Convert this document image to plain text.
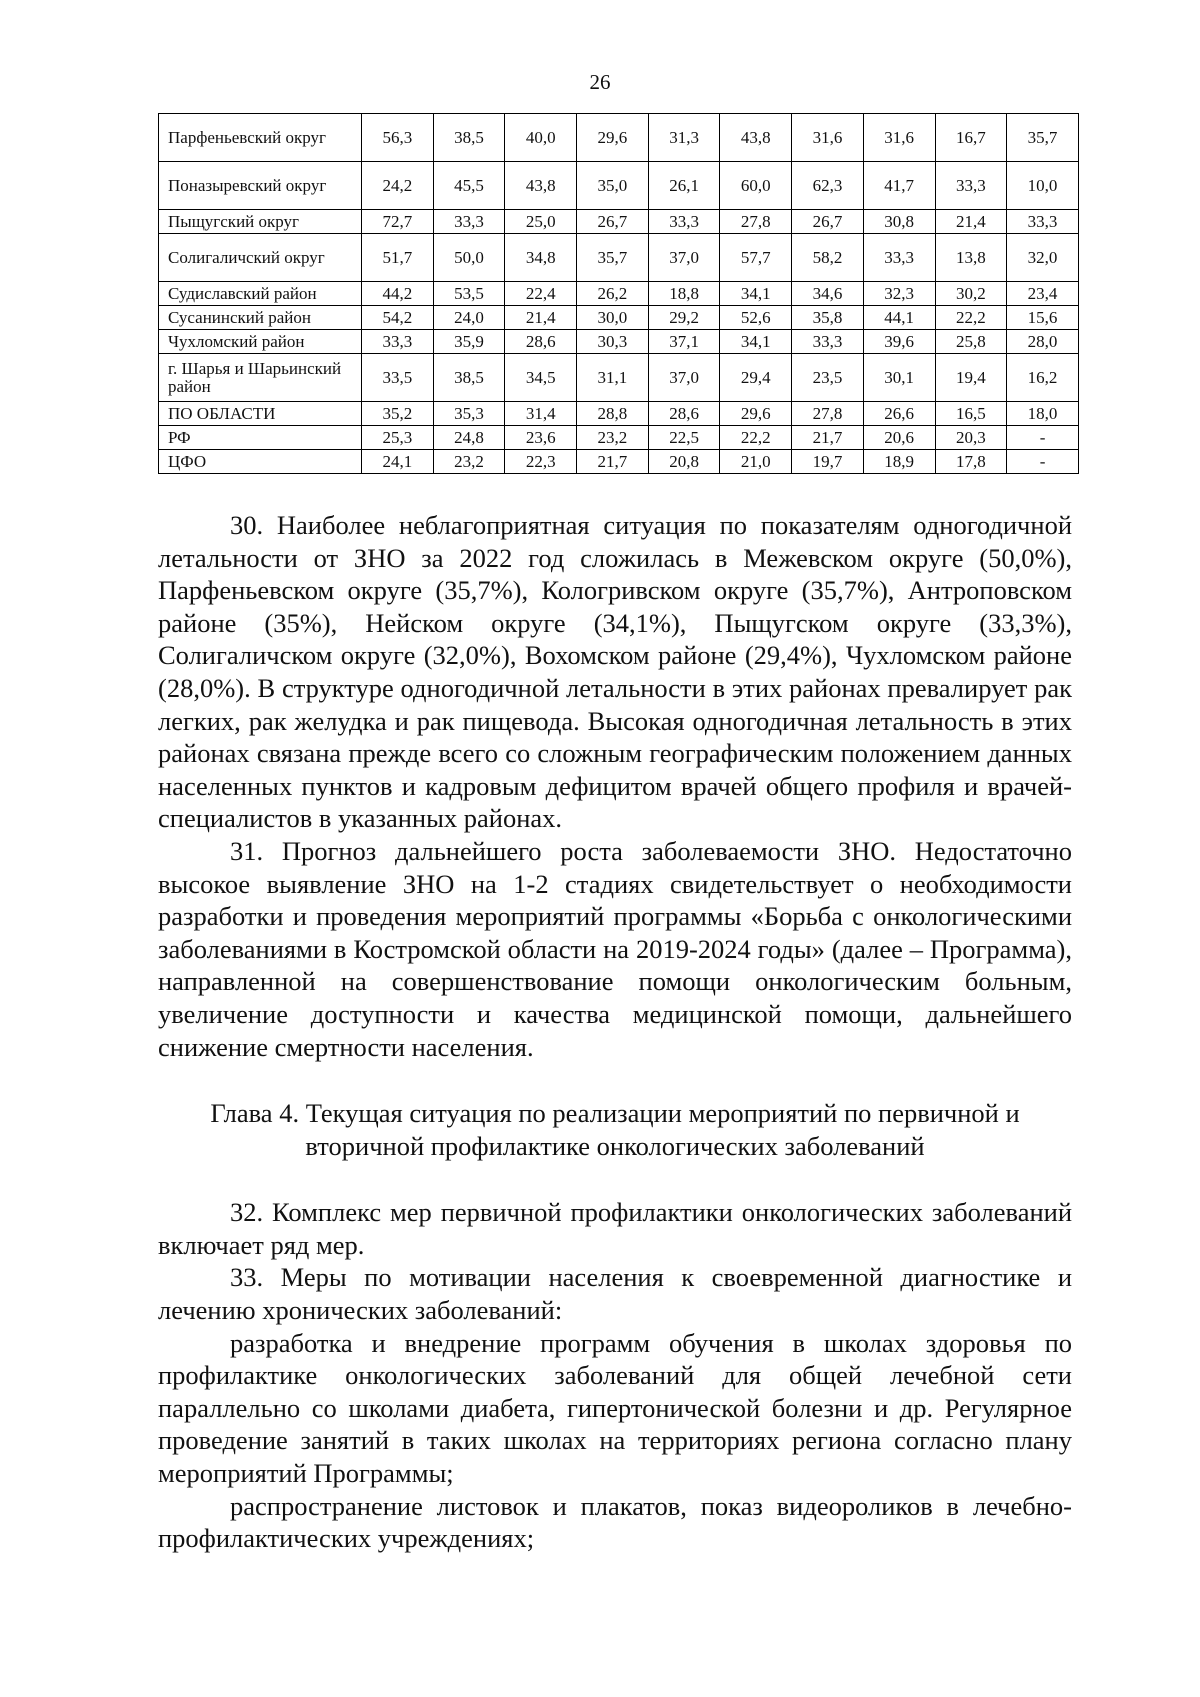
26
Парфеньевский округ	56,3	38,5	40,0	29,6	31,3	43,8	31,6	31,6	16,7	35,7
Поназыревский округ	24,2	45,5	43,8	35,0	26,1	60,0	62,3	41,7	33,3	10,0
Пыщугский округ	72,7	33,3	25,0	26,7	33,3	27,8	26,7	30,8	21,4	33,3
Солигаличский округ	51,7	50,0	34,8	35,7	37,0	57,7	58,2	33,3	13,8	32,0
Судиславский район	44,2	53,5	22,4	26,2	18,8	34,1	34,6	32,3	30,2	23,4
Сусанинский район	54,2	24,0	21,4	30,0	29,2	52,6	35,8	44,1	22,2	15,6
Чухломский район	33,3	35,9	28,6	30,3	37,1	34,1	33,3	39,6	25,8	28,0
г. Шарья и Шарьинский район	33,5	38,5	34,5	31,1	37,0	29,4	23,5	30,1	19,4	16,2
ПО ОБЛАСТИ	35,2	35,3	31,4	28,8	28,6	29,6	27,8	26,6	16,5	18,0
РФ	25,3	24,8	23,6	23,2	22,5	22,2	21,7	20,6	20,3	-
ЦФО	24,1	23,2	22,3	21,7	20,8	21,0	19,7	18,9	17,8	-

30. Наиболее неблагоприятная ситуация по показателям одногодичной летальности от ЗНО за 2022 год сложилась в Межевском округе (50,0%), Парфеньевском округе (35,7%), Кологривском округе (35,7%), Антроповском районе (35%), Нейском округе (34,1%), Пыщугском округе (33,3%), Солигаличском округе (32,0%), Вохомском районе (29,4%), Чухломском районе (28,0%). В структуре одногодичной летальности в этих районах превалирует рак легких, рак желудка и рак пищевода. Высокая одногодичная летальность в этих районах связана прежде всего со сложным географическим положением данных населенных пунктов и кадровым дефицитом врачей общего профиля и врачей-специалистов в указанных районах.

31. Прогноз дальнейшего роста заболеваемости ЗНО. Недостаточно высокое выявление ЗНО на 1-2 стадиях свидетельствует о необходимости разработки и проведения мероприятий программы «Борьба с онкологическими заболеваниями в Костромской области на 2019-2024 годы» (далее – Программа), направленной на совершенствование помощи онкологическим больным, увеличение доступности и качества медицинской помощи, дальнейшего снижение смертности населения.

Глава 4. Текущая ситуация по реализации мероприятий по первичной и вторичной профилактике онкологических заболеваний

32. Комплекс мер первичной профилактики онкологических заболеваний включает ряд мер.

33. Меры по мотивации населения к своевременной диагностике и лечению хронических заболеваний:

разработка и внедрение программ обучения в школах здоровья по профилактике онкологических заболеваний для общей лечебной сети параллельно со школами диабета, гипертонической болезни и др. Регулярное проведение занятий в таких школах на территориях региона согласно плану мероприятий Программы;

распространение листовок и плакатов, показ видеороликов в лечебно-профилактических учреждениях;
